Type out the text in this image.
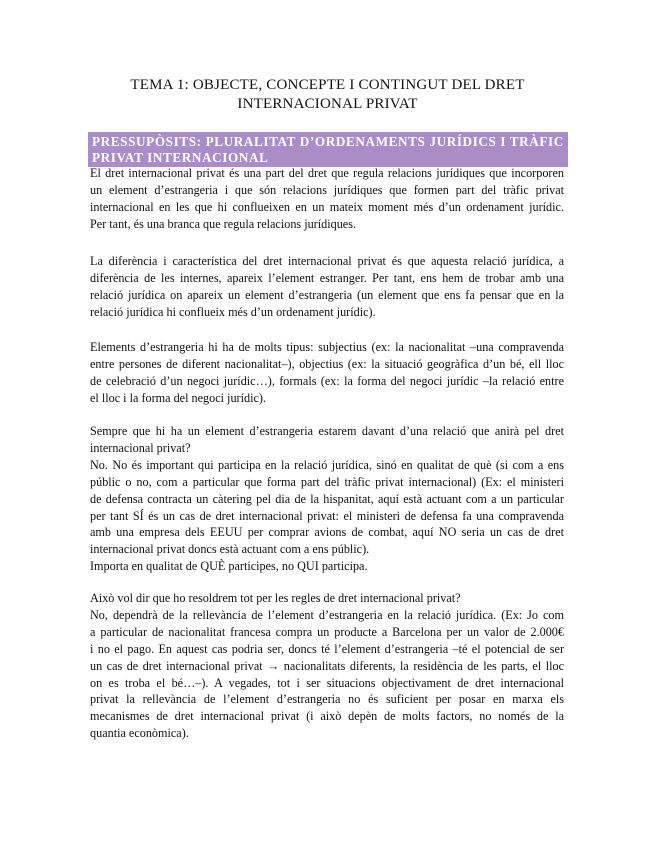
TEMA 1: OBJECTE, CONCEPTE I CONTINGUT DEL DRET
INTERNACIONAL PRIVAT
PRESSUPÒSITS: PLURALITAT D’ORDENAMENTS JURÍDICS I TRÀFIC
PRIVAT INTERNACIONAL
El dret internacional privat és una part del dret que regula relacions jurídiques que incorporen
un element d’estrangeria i que són relacions jurídiques que formen part del tràfic privat
internacional en les que hi conflueixen en un mateix moment més d’un ordenament jurídic.
Per tant, és una branca que regula relacions jurídiques.
La diferència i característica del dret internacional privat és que aquesta relació jurídica, a
diferència de les internes, apareix l’element estranger. Per tant, ens hem de trobar amb una
relació jurídica on apareix un element d’estrangeria (un element que ens fa pensar que en la
relació jurídica hi conflueix més d’un ordenament jurídic).
Elements d’estrangeria hi ha de molts tipus: subjectius (ex: la nacionalitat –una compravenda
entre persones de diferent nacionalitat–), objectius (ex: la situació geogràfica d’un bé, ell lloc
de celebració d’un negoci jurídic…), formals (ex: la forma del negoci jurídic –la relació entre
el lloc i la forma del negoci jurídic).
Sempre que hi ha un element d’estrangeria estarem davant d’una relació que anirà pel dret
internacional privat?
No. No és important qui participa en la relació jurídica, sinó en qualitat de què (si com a ens
públic o no, com a particular que forma part del tràfic privat internacional) (Ex: el ministeri
de defensa contracta un càtering pel dia de la hispanitat, aquí està actuant com a un particular
per tant SÍ és un cas de dret internacional privat: el ministeri de defensa fa una compravenda
amb una empresa dels EEUU per comprar avions de combat, aquí NO seria un cas de dret
internacional privat doncs està actuant com a ens públic).
Importa en qualitat de QUÈ participes, no QUI participa.
Això vol dir que ho resoldrem tot per les regles de dret internacional privat?
No, dependrà de la rellevància de l’element d’estrangeria en la relació jurídica. (Ex: Jo com
a particular de nacionalitat francesa compra un producte a Barcelona per un valor de 2.000€
i no el pago. En aquest cas podria ser, doncs té l’element d’estrangeria –té el potencial de ser
un cas de dret internacional privat → nacionalitats diferents, la residència de les parts, el lloc
on es troba el bé…–). A vegades, tot i ser situacions objectivament de dret internacional
privat la rellevància de l’element d’estrangeria no és suficient per posar en marxa els
mecanismes de dret internacional privat (i això depèn de molts factors, no només de la
quantia econòmica).
